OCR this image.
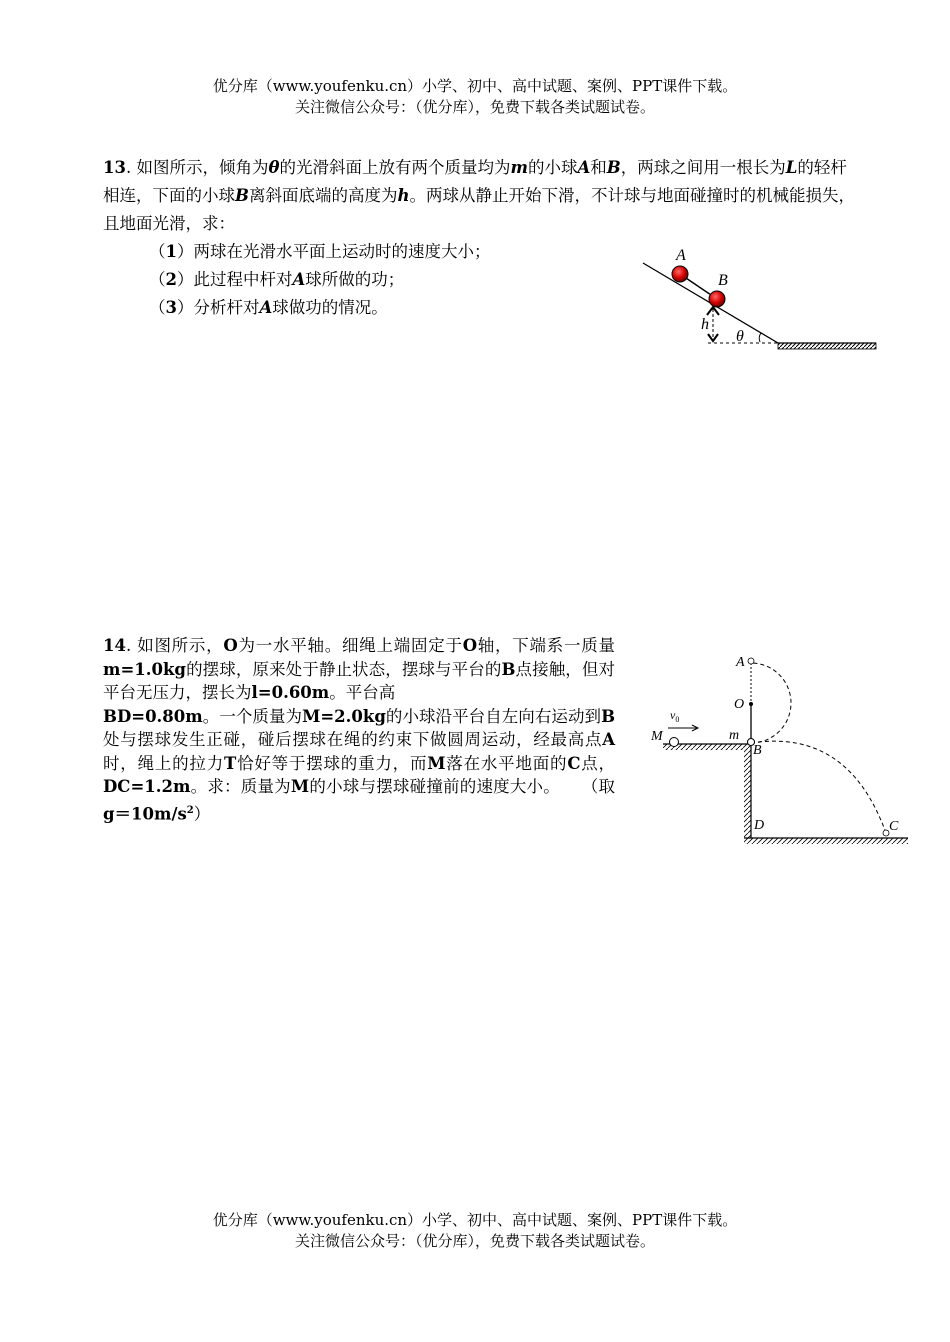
优分库（www.youfenku.cn）小学、初中、高中试题、案例、PPT课件下载。
关注微信公众号：（优分库），免费下载各类试题试卷。
13. 如图所示，倾角为θ的光滑斜面上放有两个质量均为m的小球A和B，两球之间用一根长为L的轻杆相连，下面的小球B离斜面底端的高度为h。两球从静止开始下滑，不计球与地面碰撞时的机械能损失，且地面光滑，求：
（1）两球在光滑水平面上运动时的速度大小；
（2）此过程中杆对A球所做的功；
（3）分析杆对A球做功的情况。
A
B
h
θ
14. 如图所示，O为一水平轴。细绳上端固定于O轴，下端系一质量m=1.0kg的摆球，原来处于静止状态，摆球与平台的B点接触，但对平台无压力，摆长为l=0.60m。平台高
BD=0.80m。一个质量为M=2.0kg的小球沿平台自左向右运动到B处与摆球发生正碰，碰后摆球在绳的约束下做圆周运动，经最高点A时，绳上的拉力T恰好等于摆球的重力，而M落在水平地面的C点，DC=1.2m。求：质量为M的小球与摆球碰撞前的速度大小。 （取$g=10m/s^2$）
$v_0$
M	m
B
A
O
D	C
优分库（www.youfenku.cn）小学、初中、高中试题、案例、PPT课件下载。
关注微信公众号：（优分库），免费下载各类试题试卷。
